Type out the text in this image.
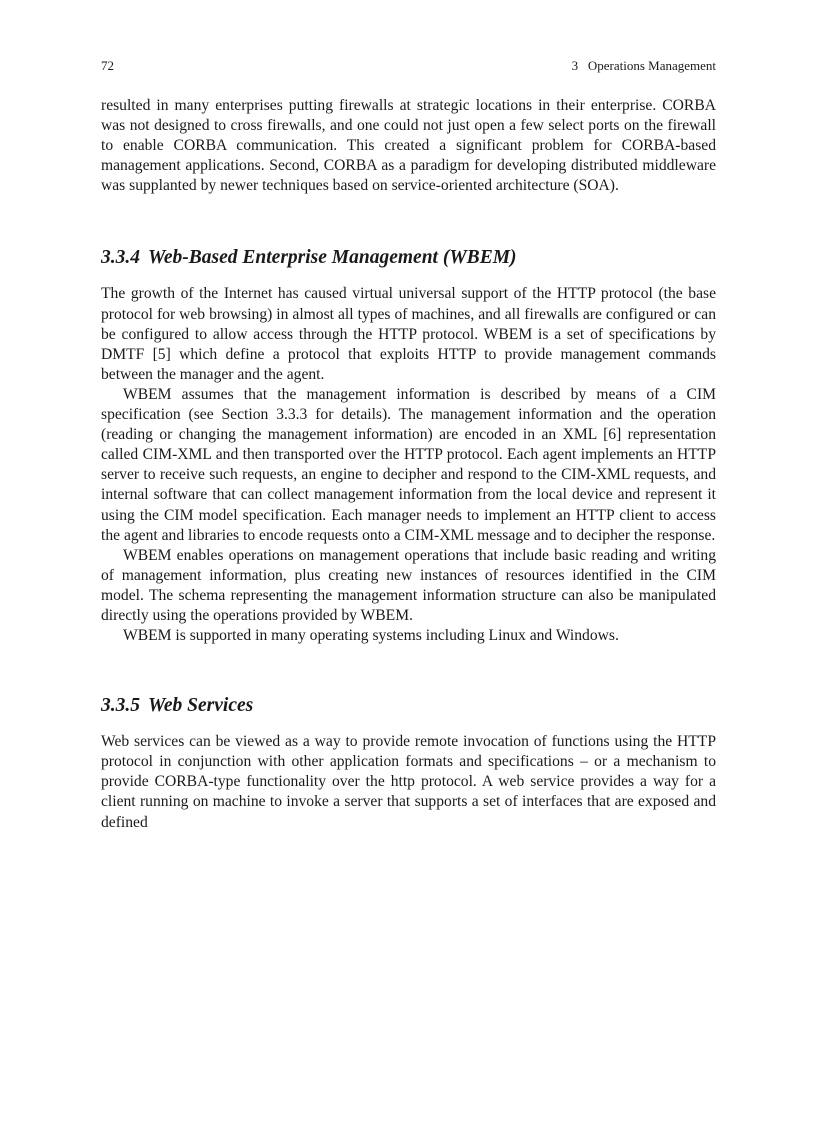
72	3   Operations Management

resulted in many enterprises putting firewalls at strategic locations in their enterprise. CORBA was not designed to cross firewalls, and one could not just open a few select ports on the firewall to enable CORBA communication. This created a significant problem for CORBA-based management applications. Second, CORBA as a paradigm for developing distributed middleware was supplanted by newer techniques based on service-oriented architecture (SOA).

3.3.4 Web-Based Enterprise Management (WBEM)

The growth of the Internet has caused virtual universal support of the HTTP protocol (the base protocol for web browsing) in almost all types of machines, and all firewalls are configured or can be configured to allow access through the HTTP protocol. WBEM is a set of specifications by DMTF [5] which define a protocol that exploits HTTP to provide management commands between the manager and the agent.

WBEM assumes that the management information is described by means of a CIM specification (see Section 3.3.3 for details). The management information and the operation (reading or changing the management information) are encoded in an XML [6] representation called CIM-XML and then transported over the HTTP protocol. Each agent implements an HTTP server to receive such requests, an engine to decipher and respond to the CIM-XML requests, and internal software that can collect management information from the local device and represent it using the CIM model specification. Each manager needs to implement an HTTP client to access the agent and libraries to encode requests onto a CIM-XML message and to decipher the response.

WBEM enables operations on management operations that include basic reading and writing of management information, plus creating new instances of resources identified in the CIM model. The schema representing the management information structure can also be manipulated directly using the operations provided by WBEM.

WBEM is supported in many operating systems including Linux and Windows.

3.3.5 Web Services

Web services can be viewed as a way to provide remote invocation of functions using the HTTP protocol in conjunction with other application formats and specifications – or a mechanism to provide CORBA-type functionality over the http protocol. A web service provides a way for a client running on machine to invoke a server that supports a set of interfaces that are exposed and defined
